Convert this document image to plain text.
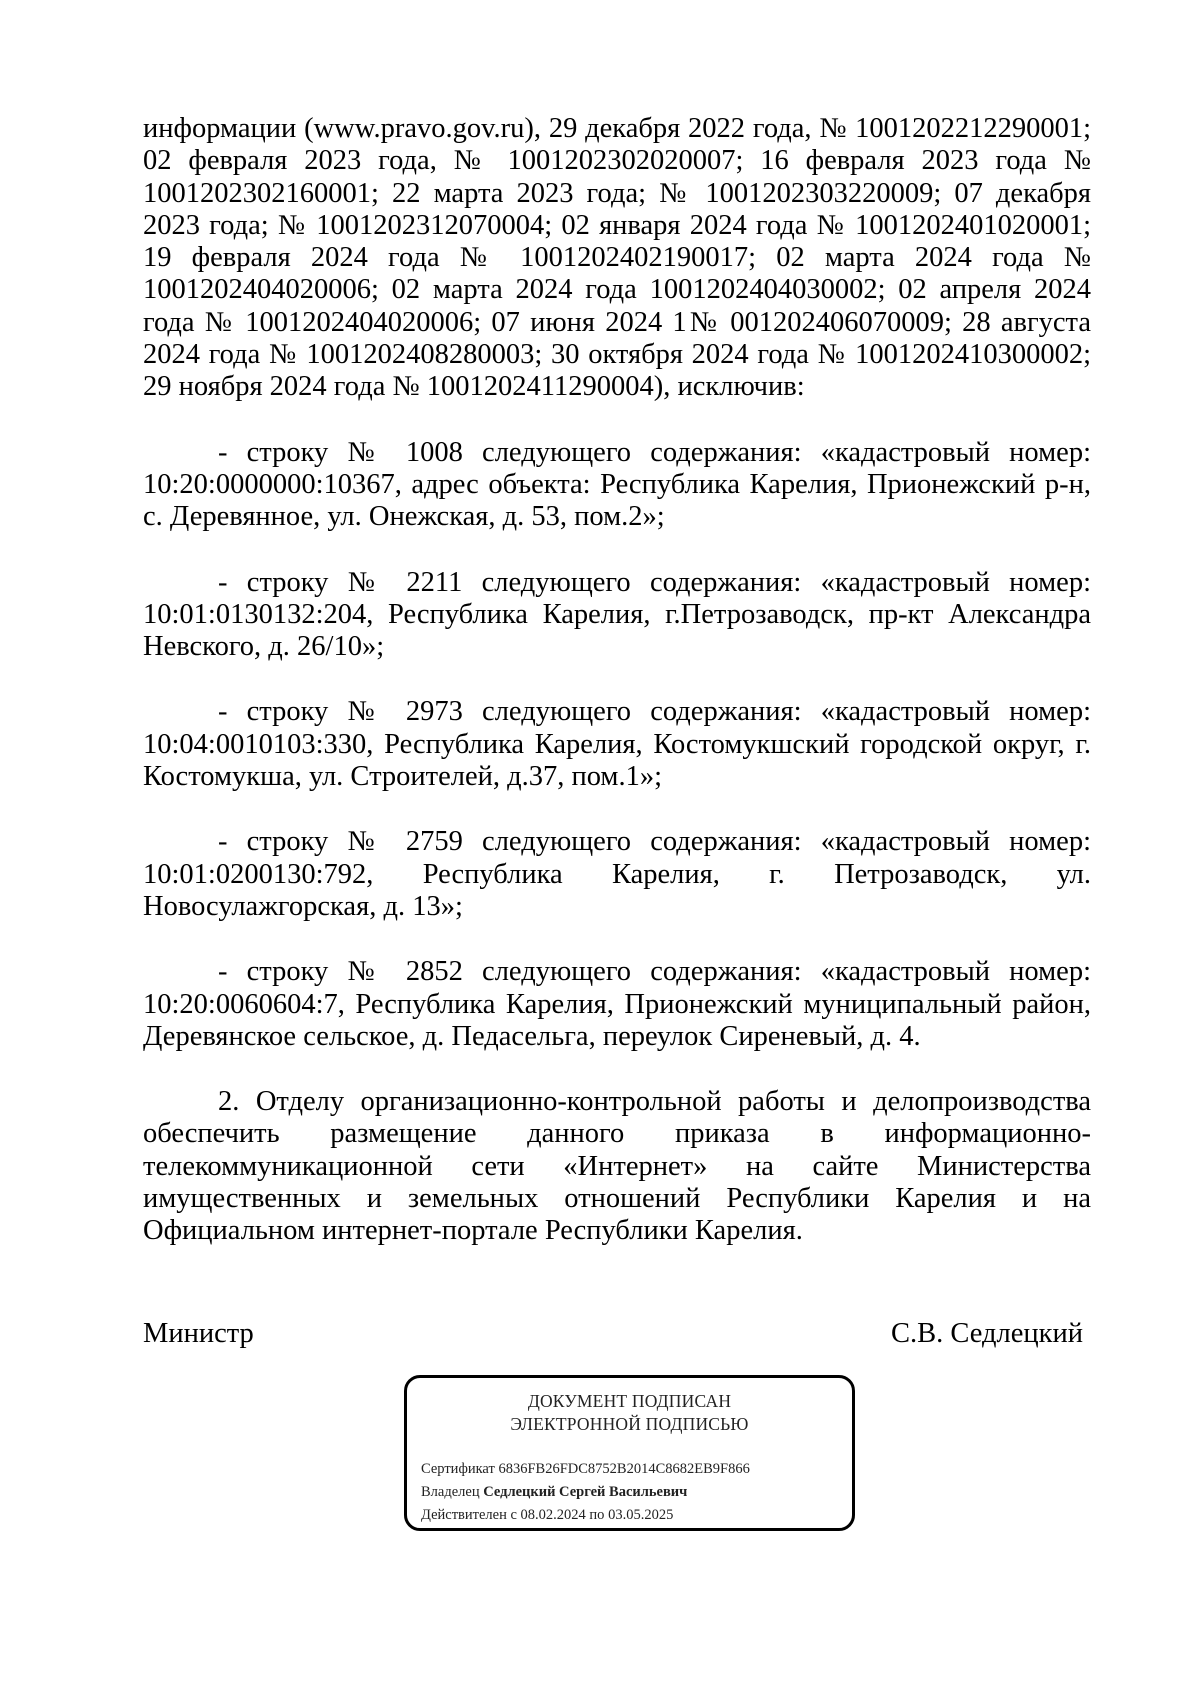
информации (www.pravo.gov.ru), 29 декабря 2022 года, № 1001202212290001; 02 февраля 2023 года, № 1001202302020007; 16 февраля 2023 года № 1001202302160001; 22 марта 2023 года; № 1001202303220009; 07 декабря 2023 года; № 1001202312070004; 02 января 2024 года № 1001202401020001; 19 февраля 2024 года № 1001202402190017; 02 марта 2024 года № 1001202404020006; 02 марта 2024 года 1001202404030002; 02 апреля 2024 года № 1001202404020006; 07 июня 2024 1№ 001202406070009; 28 августа 2024 года № 1001202408280003; 30 октября 2024 года № 1001202410300002; 29 ноября 2024 года № 1001202411290004), исключив:

- строку № 1008 следующего содержания: «кадастровый номер: 10:20:0000000:10367, адрес объекта: Республика Карелия, Прионежский р-н, с. Деревянное, ул. Онежская, д. 53, пом.2»;

- строку № 2211 следующего содержания: «кадастровый номер: 10:01:0130132:204, Республика Карелия, г.Петрозаводск, пр-кт Александра Невского, д. 26/10»;

- строку № 2973 следующего содержания: «кадастровый номер: 10:04:0010103:330, Республика Карелия, Костомукшский городской округ, г. Костомукша, ул. Строителей, д.37, пом.1»;

- строку № 2759 следующего содержания: «кадастровый номер: 10:01:0200130:792, Республика Карелия, г. Петрозаводск, ул. Новосулажгорская, д. 13»;

- строку № 2852 следующего содержания: «кадастровый номер: 10:20:0060604:7, Республика Карелия, Прионежский муниципальный район, Деревянское сельское, д. Педасельга, переулок Сиреневый, д. 4.

2. Отделу организационно-контрольной работы и делопроизводства обеспечить размещение данного приказа в информационно-телекоммуникационной сети «Интернет» на сайте Министерства имущественных и земельных отношений Республики Карелия и на Официальном интернет-портале Республики Карелия.

Министр	С.В. Седлецкий
ДОКУМЕНТ ПОДПИСАН
ЭЛЕКТРОННОЙ ПОДПИСЬЮ
Сертификат 6836FB26FDC8752B2014C8682EB9F866
Владелец Седлецкий Сергей Васильевич
Действителен с 08.02.2024 по 03.05.2025
